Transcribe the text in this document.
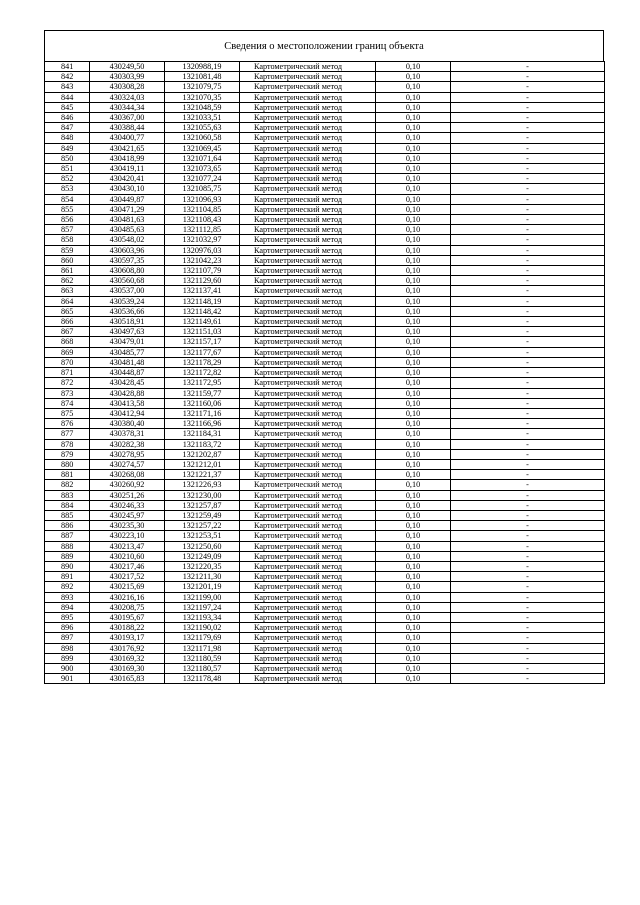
Сведения о местоположении границ объекта
841	430249,50	1320988,19	Картометрический метод	0,10	-
842	430303,99	1321081,48	Картометрический метод	0,10	-
843	430308,28	1321079,75	Картометрический метод	0,10	-
844	430324,03	1321070,35	Картометрический метод	0,10	-
845	430344,34	1321048,59	Картометрический метод	0,10	-
846	430367,00	1321033,51	Картометрический метод	0,10	-
847	430388,44	1321055,63	Картометрический метод	0,10	-
848	430400,77	1321060,58	Картометрический метод	0,10	-
849	430421,65	1321069,45	Картометрический метод	0,10	-
850	430418,99	1321071,64	Картометрический метод	0,10	-
851	430419,11	1321073,65	Картометрический метод	0,10	-
852	430420,41	1321077,24	Картометрический метод	0,10	-
853	430430,10	1321085,75	Картометрический метод	0,10	-
854	430449,87	1321096,93	Картометрический метод	0,10	-
855	430471,29	1321104,85	Картометрический метод	0,10	-
856	430481,63	1321108,43	Картометрический метод	0,10	-
857	430485,63	1321112,85	Картометрический метод	0,10	-
858	430548,02	1321032,97	Картометрический метод	0,10	-
859	430603,96	1320976,03	Картометрический метод	0,10	-
860	430597,35	1321042,23	Картометрический метод	0,10	-
861	430608,80	1321107,79	Картометрический метод	0,10	-
862	430560,68	1321129,60	Картометрический метод	0,10	-
863	430537,00	1321137,41	Картометрический метод	0,10	-
864	430539,24	1321148,19	Картометрический метод	0,10	-
865	430536,66	1321148,42	Картометрический метод	0,10	-
866	430518,91	1321149,61	Картометрический метод	0,10	-
867	430497,63	1321151,03	Картометрический метод	0,10	-
868	430479,01	1321157,17	Картометрический метод	0,10	-
869	430485,77	1321177,67	Картометрический метод	0,10	-
870	430481,48	1321178,29	Картометрический метод	0,10	-
871	430448,87	1321172,82	Картометрический метод	0,10	-
872	430428,45	1321172,95	Картометрический метод	0,10	-
873	430428,88	1321159,77	Картометрический метод	0,10	-
874	430413,58	1321160,06	Картометрический метод	0,10	-
875	430412,94	1321171,16	Картометрический метод	0,10	-
876	430380,40	1321166,96	Картометрический метод	0,10	-
877	430378,31	1321184,31	Картометрический метод	0,10	-
878	430282,38	1321183,72	Картометрический метод	0,10	-
879	430278,95	1321202,87	Картометрический метод	0,10	-
880	430274,57	1321212,01	Картометрический метод	0,10	-
881	430268,08	1321221,37	Картометрический метод	0,10	-
882	430260,92	1321226,93	Картометрический метод	0,10	-
883	430251,26	1321230,00	Картометрический метод	0,10	-
884	430246,33	1321257,87	Картометрический метод	0,10	-
885	430245,97	1321259,49	Картометрический метод	0,10	-
886	430235,30	1321257,22	Картометрический метод	0,10	-
887	430223,10	1321253,51	Картометрический метод	0,10	-
888	430213,47	1321250,60	Картометрический метод	0,10	-
889	430210,60	1321249,09	Картометрический метод	0,10	-
890	430217,46	1321220,35	Картометрический метод	0,10	-
891	430217,52	1321211,30	Картометрический метод	0,10	-
892	430215,69	1321201,19	Картометрический метод	0,10	-
893	430216,16	1321199,00	Картометрический метод	0,10	-
894	430208,75	1321197,24	Картометрический метод	0,10	-
895	430195,67	1321193,34	Картометрический метод	0,10	-
896	430188,22	1321190,02	Картометрический метод	0,10	-
897	430193,17	1321179,69	Картометрический метод	0,10	-
898	430176,92	1321171,98	Картометрический метод	0,10	-
899	430169,32	1321180,59	Картометрический метод	0,10	-
900	430169,30	1321180,57	Картометрический метод	0,10	-
901	430165,83	1321178,48	Картометрический метод	0,10	-
